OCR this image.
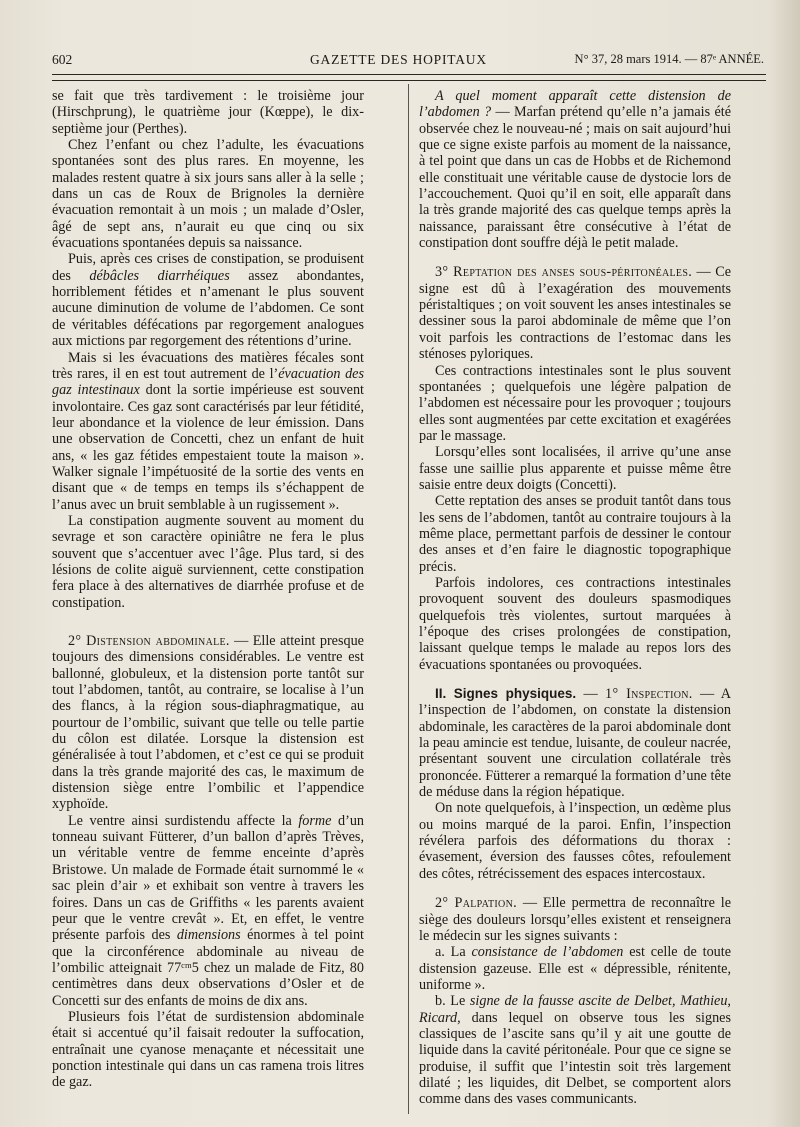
602	GAZETTE DES HOPITAUX	N° 37, 28 mars 1914. — 87ᵉ ANNÉE.

se fait que très tardivement : le troisième jour (Hirschprung), le quatrième jour (Kœppe), le dix-septième jour (Perthes).

Chez l’enfant ou chez l’adulte, les évacuations spontanées sont des plus rares. En moyenne, les malades restent quatre à six jours sans aller à la selle ; dans un cas de Roux de Brignoles la dernière évacuation remontait à un mois ; un malade d’Osler, âgé de sept ans, n’aurait eu que cinq ou six évacuations spontanées depuis sa naissance.

Puis, après ces crises de constipation, se produisent des débâcles diarrhéiques assez abondantes, horriblement fétides et n’amenant le plus souvent aucune diminution de volume de l’abdomen. Ce sont de véritables défécations par regorgement analogues aux mictions par regorgement des rétentions d’urine.

Mais si les évacuations des matières fécales sont très rares, il en est tout autrement de l’évacuation des gaz intestinaux dont la sortie impérieuse est souvent involontaire. Ces gaz sont caractérisés par leur fétidité, leur abondance et la violence de leur émission. Dans une observation de Concetti, chez un enfant de huit ans, « les gaz fétides empestaient toute la maison ». Walker signale l’impétuosité de la sortie des vents en disant que « de temps en temps ils s’échappent de l’anus avec un bruit semblable à un rugissement ».

La constipation augmente souvent au moment du sevrage et son caractère opiniâtre ne fera le plus souvent que s’accentuer avec l’âge. Plus tard, si des lésions de colite aiguë surviennent, cette constipation fera place à des alternatives de diarrhée profuse et de constipation.

2° Distension abdominale. — Elle atteint presque toujours des dimensions considérables. Le ventre est ballonné, globuleux, et la distension porte tantôt sur tout l’abdomen, tantôt, au contraire, se localise à l’un des flancs, à la région sous-diaphragmatique, au pourtour de l’ombilic, suivant que telle ou telle partie du côlon est dilatée. Lorsque la distension est généralisée à tout l’abdomen, et c’est ce qui se produit dans la très grande majorité des cas, le maximum de distension siège entre l’ombilic et l’appendice xyphoïde.

Le ventre ainsi surdistendu affecte la forme d’un tonneau suivant Fütterer, d’un ballon d’après Trèves, un véritable ventre de femme enceinte d’après Bristowe. Un malade de Formade était surnommé le « sac plein d’air » et exhibait son ventre à travers les foires. Dans un cas de Griffiths « les parents avaient peur que le ventre crevât ». Et, en effet, le ventre présente parfois des dimensions énormes à tel point que la circonférence abdominale au niveau de l’ombilic atteignait 77ᶜᵐ5 chez un malade de Fitz, 80 centimètres dans deux observations d’Osler et de Concetti sur des enfants de moins de dix ans.

Plusieurs fois l’état de surdistension abdominale était si accentué qu’il faisait redouter la suffocation, entraînait une cyanose menaçante et nécessitait une ponction intestinale qui dans un cas ramena trois litres de gaz.

A quel moment apparaît cette distension de l’abdomen ? — Marfan prétend qu’elle n’a jamais été observée chez le nouveau-né ; mais on sait aujourd’hui que ce signe existe parfois au moment de la naissance, à tel point que dans un cas de Hobbs et de Richemond elle constituait une véritable cause de dystocie lors de l’accouchement. Quoi qu’il en soit, elle apparaît dans la très grande majorité des cas quelque temps après la naissance, paraissant être consécutive à l’état de constipation dont souffre déjà le petit malade.

3° Reptation des anses sous-péritonéales. — Ce signe est dû à l’exagération des mouvements péristaltiques ; on voit souvent les anses intestinales se dessiner sous la paroi abdominale de même que l’on voit parfois les contractions de l’estomac dans les sténoses pyloriques.

Ces contractions intestinales sont le plus souvent spontanées ; quelquefois une légère palpation de l’abdomen est nécessaire pour les provoquer ; toujours elles sont augmentées par cette excitation et exagérées par le massage.

Lorsqu’elles sont localisées, il arrive qu’une anse fasse une saillie plus apparente et puisse même être saisie entre deux doigts (Concetti).

Cette reptation des anses se produit tantôt dans tous les sens de l’abdomen, tantôt au contraire toujours à la même place, permettant parfois de dessiner le contour des anses et d’en faire le diagnostic topographique précis.

Parfois indolores, ces contractions intestinales provoquent souvent des douleurs spasmodiques quelquefois très violentes, surtout marquées à l’époque des crises prolongées de constipation, laissant quelque temps le malade au repos lors des évacuations spontanées ou provoquées.

II. Signes physiques. — 1° Inspection. — A l’inspection de l’abdomen, on constate la distension abdominale, les caractères de la paroi abdominale dont la peau amincie est tendue, luisante, de couleur nacrée, présentant souvent une circulation collatérale très prononcée. Fütterer a remarqué la formation d’une tête de méduse dans la région hépatique.

On note quelquefois, à l’inspection, un œdème plus ou moins marqué de la paroi. Enfin, l’inspection révélera parfois des déformations du thorax : évasement, éversion des fausses côtes, refoulement des côtes, rétrécissement des espaces intercostaux.

2° Palpation. — Elle permettra de reconnaître le siège des douleurs lorsqu’elles existent et renseignera le médecin sur les signes suivants :

a. La consistance de l’abdomen est celle de toute distension gazeuse. Elle est « dépressible, rénitente, uniforme ».

b. Le signe de la fausse ascite de Delbet, Mathieu, Ricard, dans lequel on observe tous les signes classiques de l’ascite sans qu’il y ait une goutte de liquide dans la cavité péritonéale. Pour que ce signe se produise, il suffit que l’intestin soit très largement dilaté ; les liquides, dit Delbet, se comportent alors comme dans des vases communicants.
